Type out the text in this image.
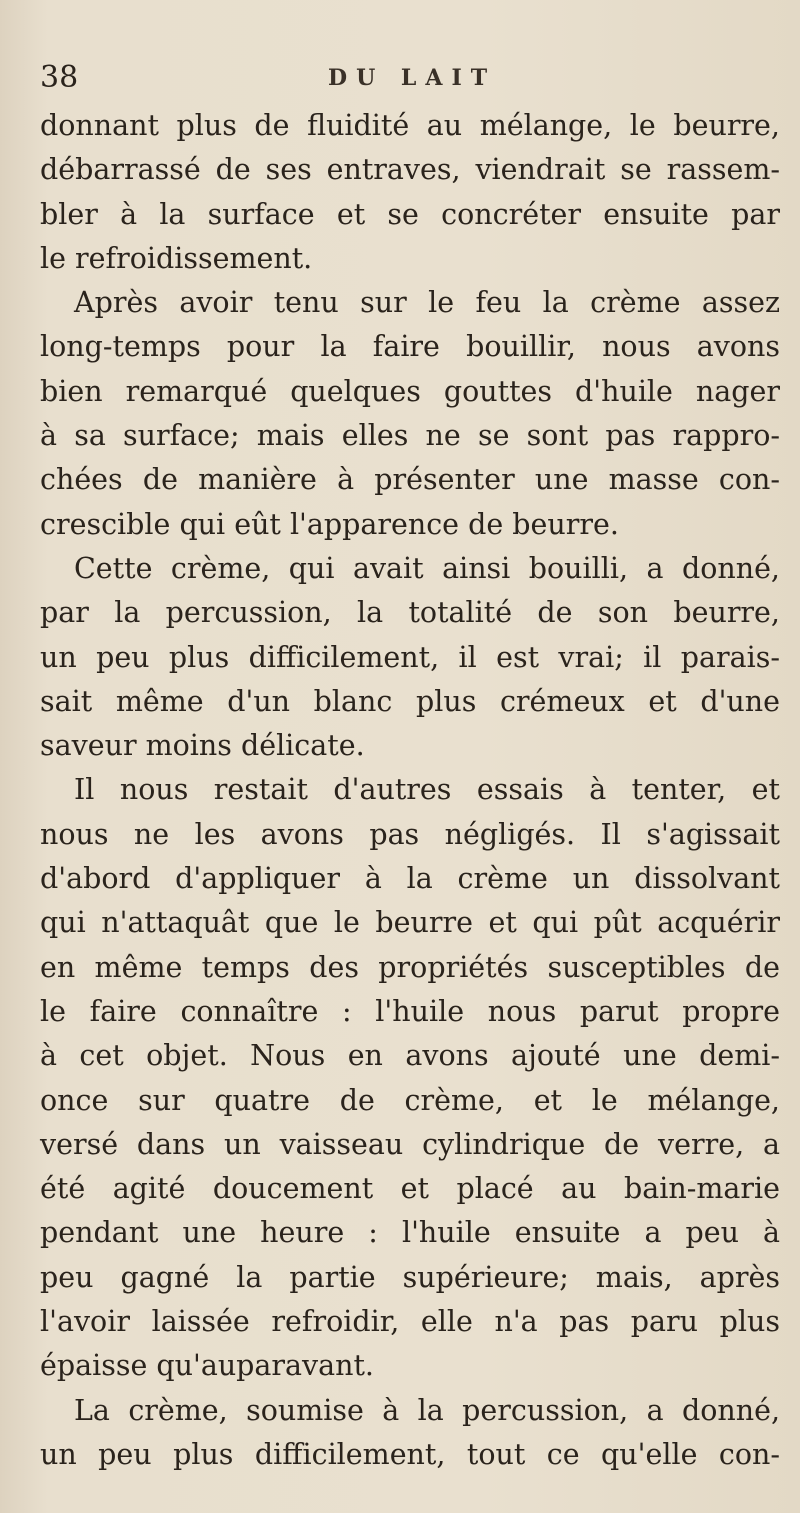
38	DU LAIT
donnant plus de fluidité au mélange, le beurre,
débarrassé de ses entraves, viendrait se rassem-
bler à la surface et se concréter ensuite par
le refroidissement.
Après avoir tenu sur le feu la crème assez
long-temps pour la faire bouillir, nous avons
bien remarqué quelques gouttes d'huile nager
à sa surface; mais elles ne se sont pas rappro-
chées de manière à présenter une masse con-
crescible qui eût l'apparence de beurre.
Cette crème, qui avait ainsi bouilli, a donné,
par la percussion, la totalité de son beurre,
un peu plus difficilement, il est vrai; il parais-
sait même d'un blanc plus crémeux et d'une
saveur moins délicate.
Il nous restait d'autres essais à tenter, et
nous ne les avons pas négligés. Il s'agissait
d'abord d'appliquer à la crème un dissolvant
qui n'attaquât que le beurre et qui pût acquérir
en même temps des propriétés susceptibles de
le faire connaître : l'huile nous parut propre
à cet objet. Nous en avons ajouté une demi-
once sur quatre de crème, et le mélange,
versé dans un vaisseau cylindrique de verre, a
été agité doucement et placé au bain-marie
pendant une heure : l'huile ensuite a peu à
peu gagné la partie supérieure; mais, après
l'avoir laissée refroidir, elle n'a pas paru plus
épaisse qu'auparavant.
La crème, soumise à la percussion, a donné,
un peu plus difficilement, tout ce qu'elle con-
